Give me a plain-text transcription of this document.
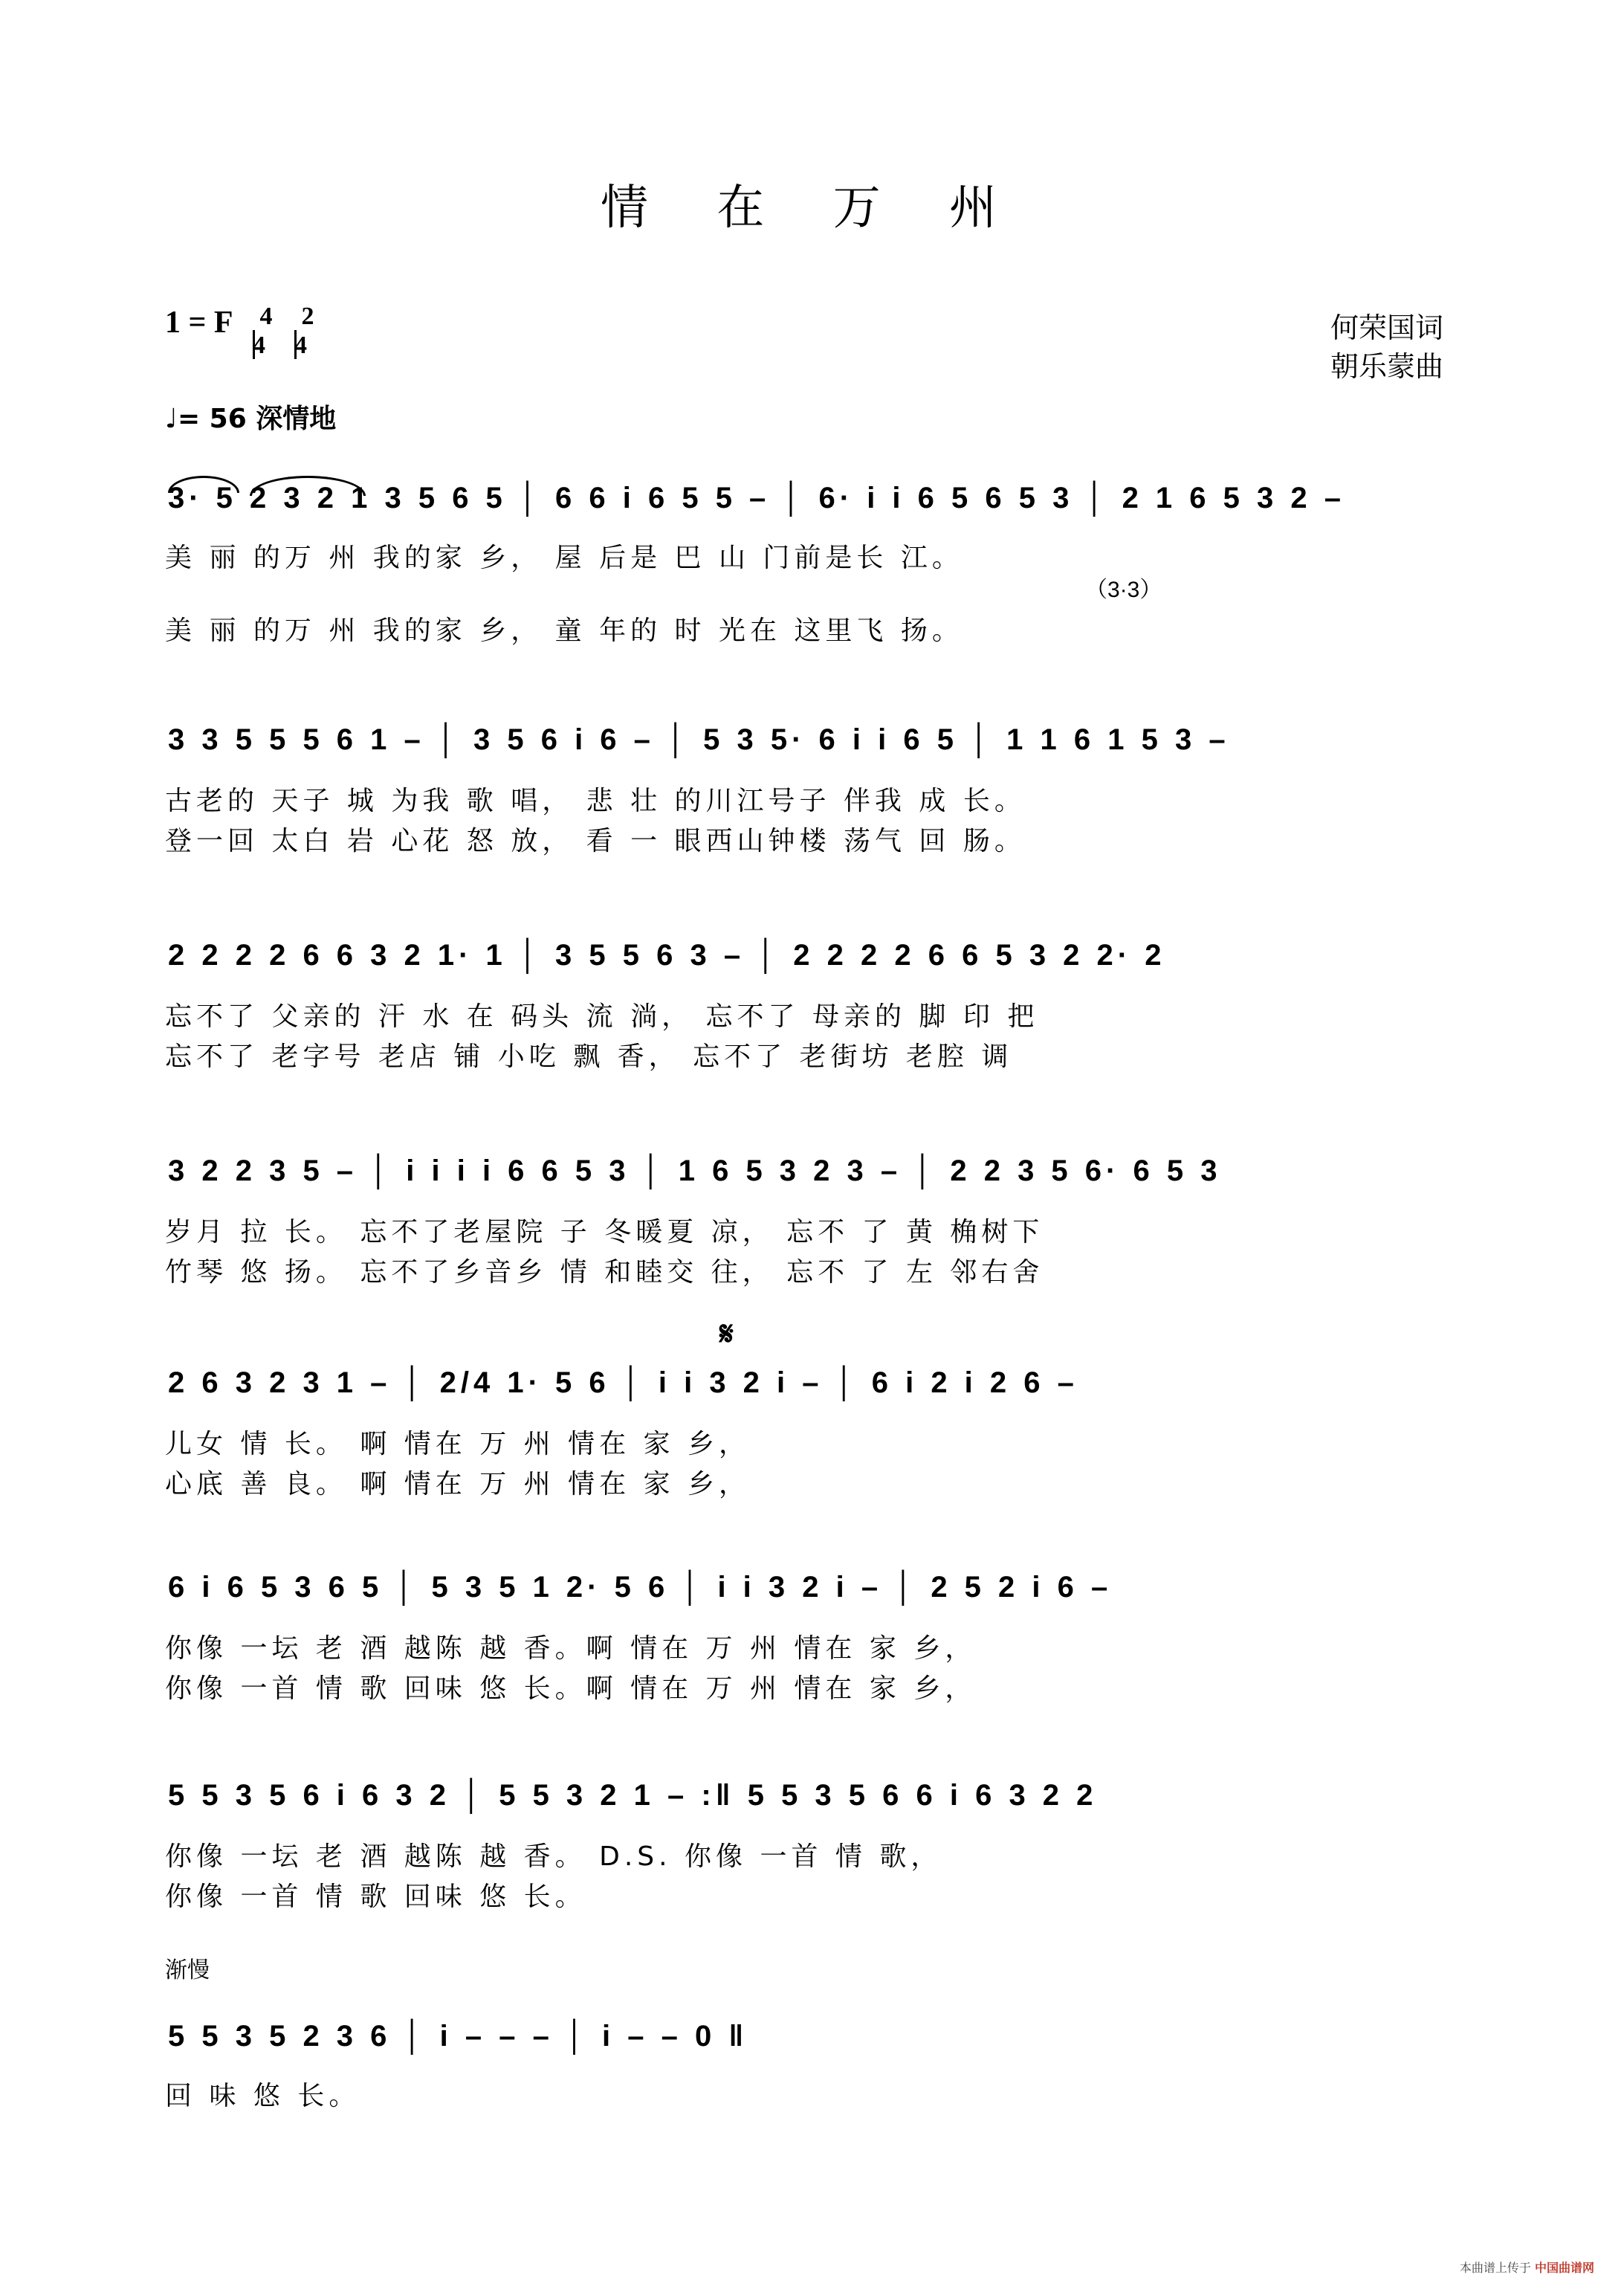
情 在 万 州
1 = F $\frac{4}{4} \frac{2}{4}$	何荣国词
朝乐蒙曲
♩= 56 深情地
3· 5 2 3 2 1 3 5 6 5 │ 6 6 i 6 5 5 – │ 6· i i 6 5 6 5 3 │ 2 1 6 5 3 2 –
美 丽 的万 州 我的家 乡， 屋 后是 巴 山 门前是长 江。
（3·3）
美 丽 的万 州 我的家 乡， 童 年的 时 光在 这里飞 扬。
3 3 5 5 5 6 1 – │ 3 5 6 i 6 – │ 5 3 5· 6 i i 6 5 │ 1 1 6 1 5 3 –
古老的 天子 城 为我 歌 唱， 悲 壮 的川江号子 伴我 成 长。
登一回 太白 岩 心花 怒 放， 看 一 眼西山钟楼 荡气 回 肠。
2 2 2 2 6 6 3 2 1· 1 │ 3 5 5 6 3 – │ 2 2 2 2 6 6 5 3 2 2· 2
忘不了 父亲的 汗 水 在 码头 流 淌， 忘不了 母亲的 脚 印 把
忘不了 老字号 老店 铺 小吃 飘 香， 忘不了 老街坊 老腔 调
3 2 2 3 5 – │ i i i i 6 6 5 3 │ 1 6 5 3 2 3 – │ 2 2 3 5 6· 6 5 3
岁月 拉 长。 忘不了老屋院 子 冬暖夏 凉， 忘不 了 黄 桷树下
竹琴 悠 扬。 忘不了乡音乡 情 和睦交 往， 忘不 了 左 邻右舍
𝄋
2 6 3 2 3 1 – │ 2/4 1· 5 6 │ i i 3 2 i – │ 6 i 2 i 2 6 –
儿女 情 长。 啊 情在 万 州 情在 家 乡，
心底 善 良。 啊 情在 万 州 情在 家 乡，
6 i 6 5 3 6 5 │ 5 3 5 1 2· 5 6 │ i i 3 2 i – │ 2 5 2 i 6 –
你像 一坛 老 酒 越陈 越 香。啊 情在 万 州 情在 家 乡，
你像 一首 情 歌 回味 悠 长。啊 情在 万 州 情在 家 乡，
5 5 3 5 6 i 6 3 2 │ 5 5 3 2 1 – :‖ 5 5 3 5 6 6 i 6 3 2 2
你像 一坛 老 酒 越陈 越 香。 D.S. 你像 一首 情 歌，
你像 一首 情 歌 回味 悠 长。
渐慢
5 5 3 5 2 3 6 │ i – – – │ i – – 0 ‖
回 味 悠 长。
本曲谱上传于 中国曲谱网
